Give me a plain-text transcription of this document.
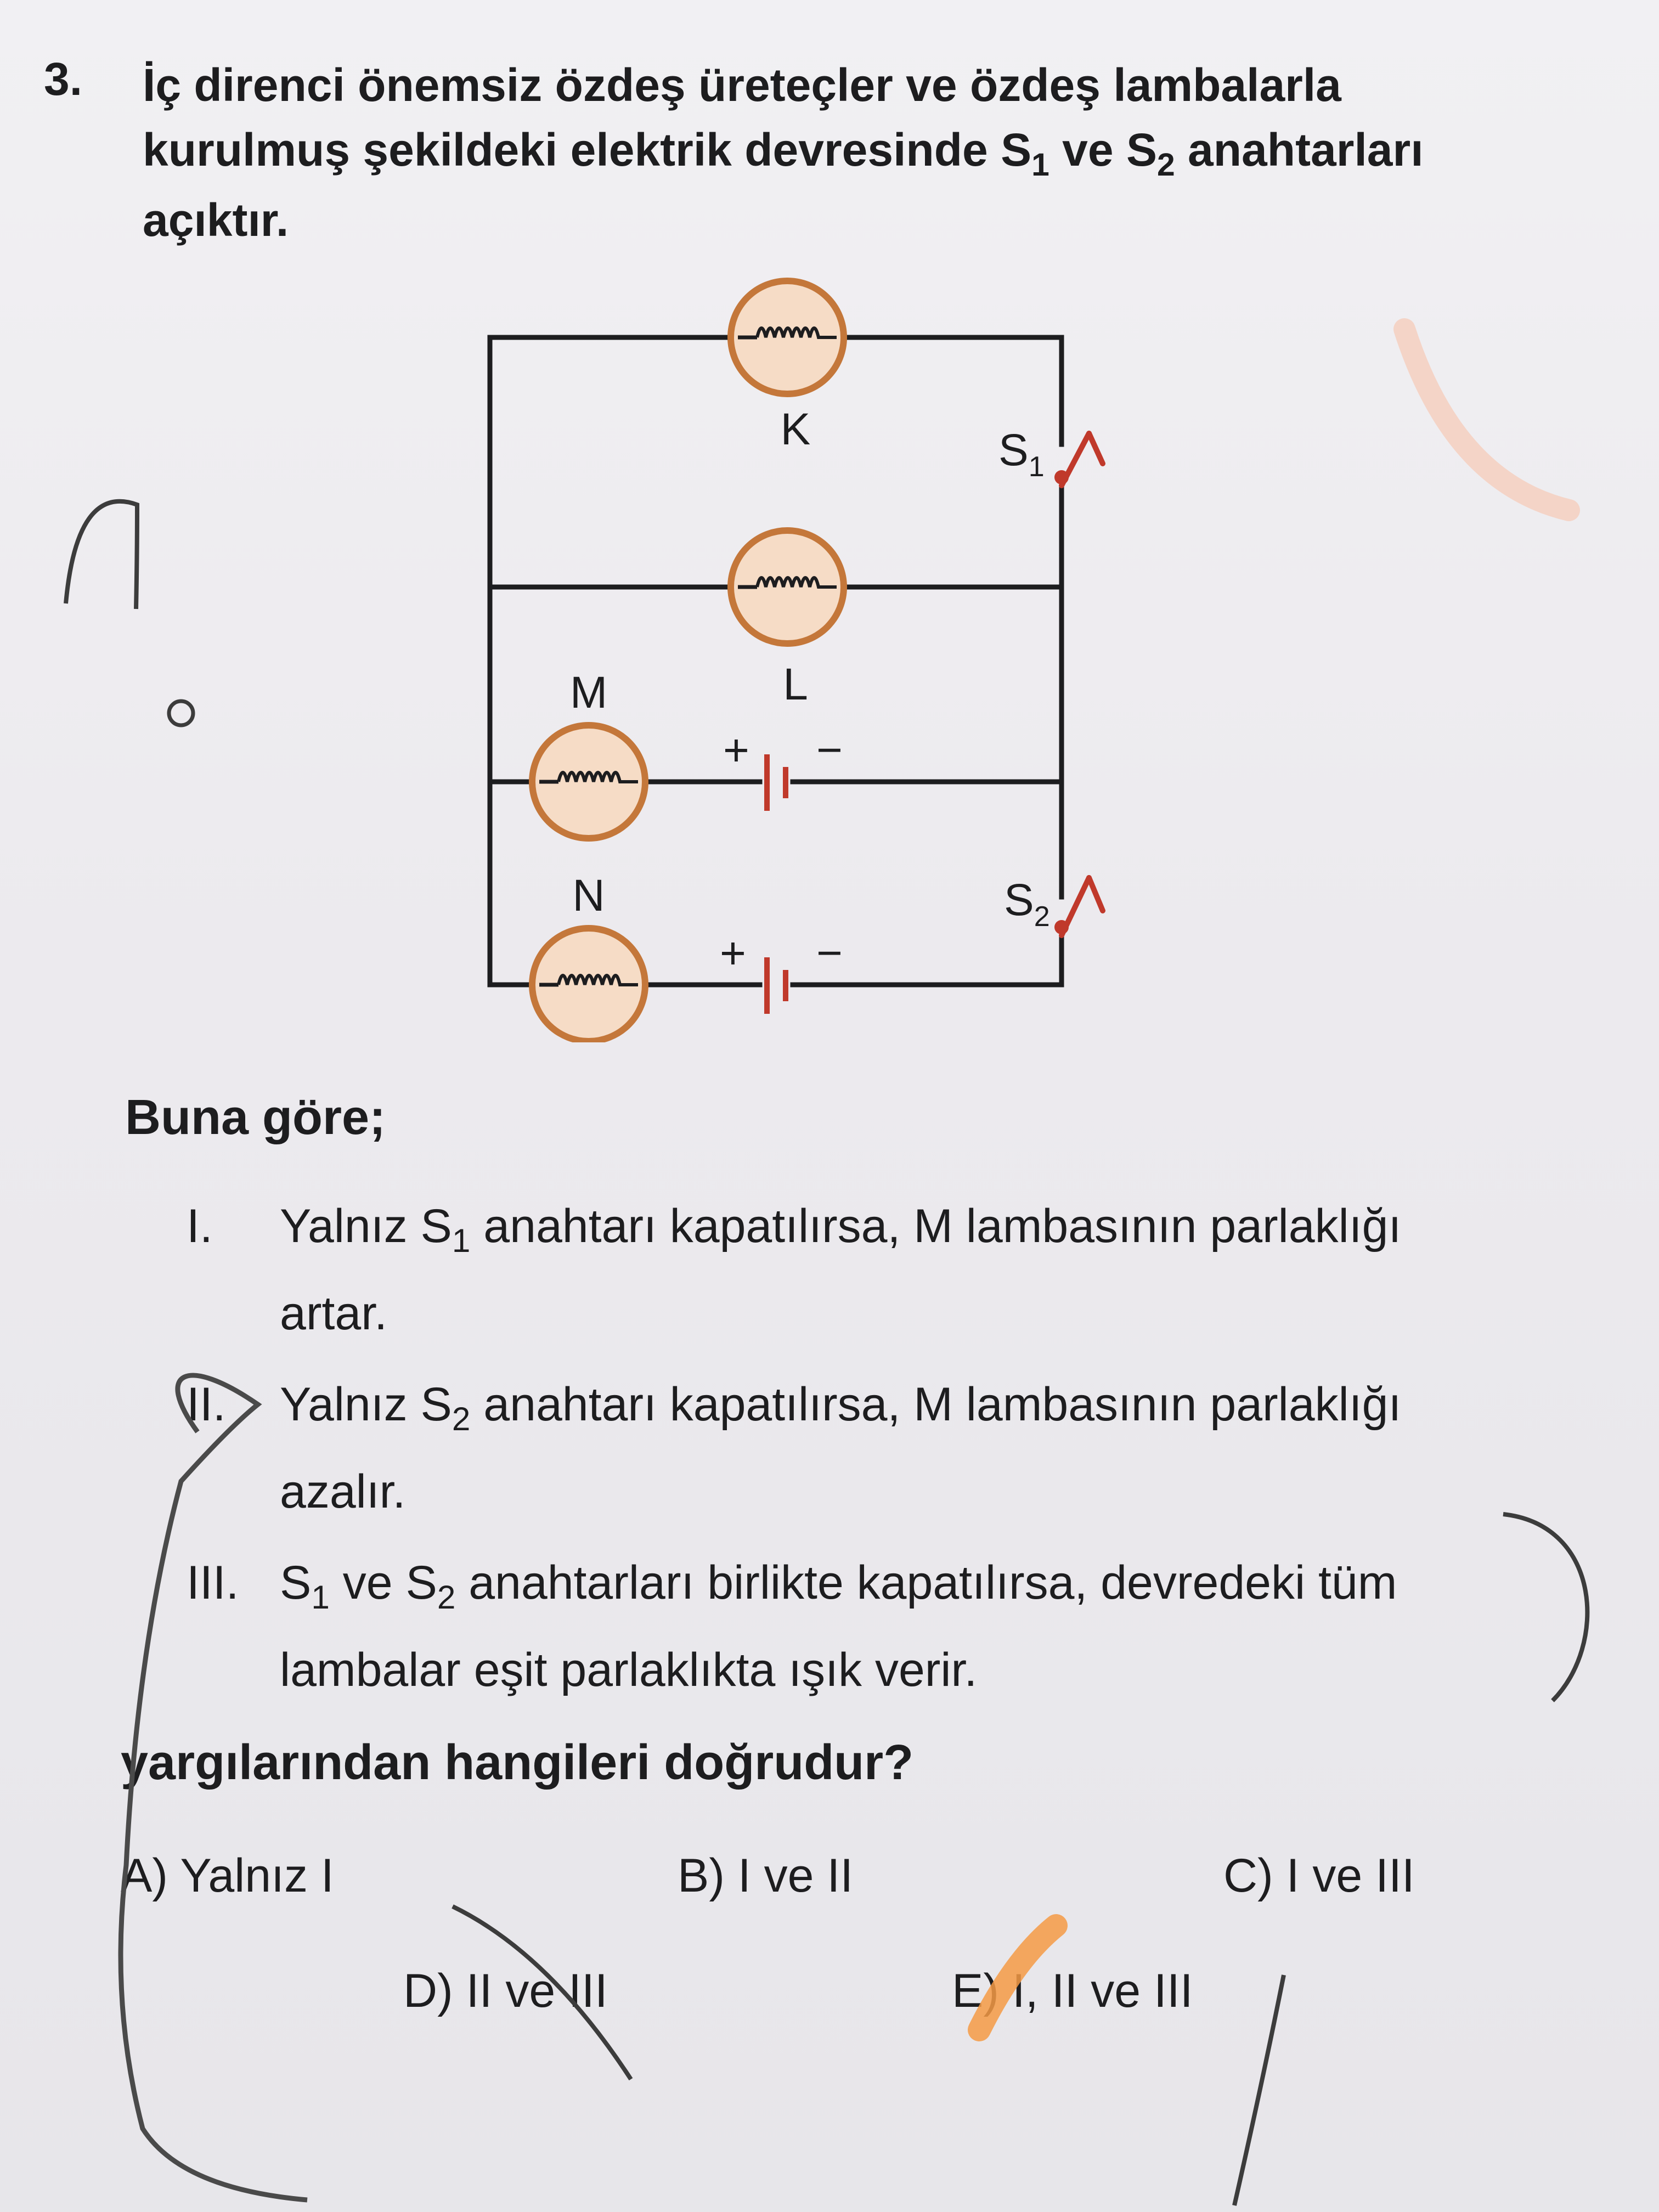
3. İç direnci önemsiz özdeş üreteçler ve özdeş lambalarla
kurulmuş şekildeki elektrik devresinde $S_1$ ve $S_2$ anahtarları
açıktır.
K
L
M
N
$S_1$
$S_2$
+ −
+ −
Buna göre;
I. Yalnız $S_1$ anahtarı kapatılırsa, M lambasının parlaklığı
artar.
II. Yalnız $S_2$ anahtarı kapatılırsa, M lambasının parlaklığı
azalır.
III. $S_1$ ve $S_2$ anahtarları birlikte kapatılırsa, devredeki tüm
lambalar eşit parlaklıkta ışık verir.
yargılarından hangileri doğrudur?
A) Yalnız I	B) I ve II	C) I ve III
D) II ve III	E) I, II ve III
